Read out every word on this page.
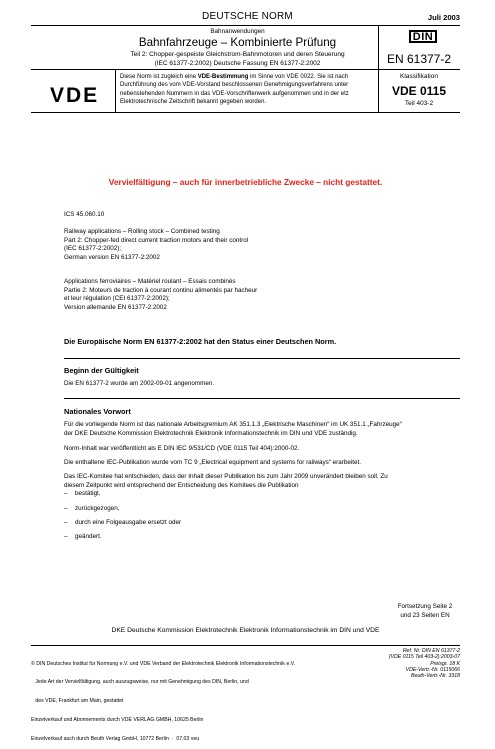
DEUTSCHE NORM	Juli 2003
Bahnanwendungen
Bahnfahrzeuge – Kombinierte Prüfung
Teil 2: Chopper-gespeiste Gleichstrom-Bahnmotoren und deren Steuerung
(IEC 61377-2:2002) Deutsche Fassung EN 61377-2:2002
DIN
EN 61377-2
VDE
Diese Norm ist zugleich eine VDE-Bestimmung im Sinne von VDE 0022. Sie ist nach Durchführung des vom VDE-Vorstand beschlossenen Genehmigungsverfahrens unter nebenstehenden Nummern in das VDE-Vorschriftenwerk aufgenommen und in der etz Elektrotechnische Zeitschrift bekannt gegeben worden.
Klassifikation
VDE 0115
Teil 403-2
Vervielfältigung – auch für innerbetriebliche Zwecke – nicht gestattet.
ICS 45.060.10
Railway applications – Rolling stock – Combined testing
Part 2: Chopper-fed direct current traction motors and their control
(IEC 61377-2:2002);
German version EN 61377-2:2002
Applications ferroviaires – Matériel roulant – Essais combinés
Partie 2: Moteurs de traction à courant continu alimentés par hacheur
et leur régulation (CEI 61377-2:2002);
Version allemande EN 61377-2:2002
Die Europäische Norm EN 61377-2:2002 hat den Status einer Deutschen Norm.
Beginn der Gültigkeit
Die EN 61377-2 wurde am 2002-09-01 angenommen.
Nationales Vorwort
Für die vorliegende Norm ist das nationale Arbeitsgremium AK 351.1.3 „Elektrische Maschinen“ im UK 351.1 „Fahrzeuge“
der DKE Deutsche Kommission Elektrotechnik Elektronik Informationstechnik im DIN und VDE zuständig.
Norm-Inhalt war veröffentlicht als E DIN IEC 9/531/CD (VDE 0115 Teil 404):2000-02.
Die enthaltene IEC-Publikation wurde vom TC 9 „Electrical equipment and systems for railways“ erarbeitet.
Das IEC-Komitee hat entschieden, dass der Inhalt dieser Publikation bis zum Jahr 2009 unverändert bleiben soll. Zu
diesem Zeitpunkt wird entsprechend der Entscheidung des Komitees die Publikation
– bestätigt,
– zurückgezogen,
– durch eine Folgeausgabe ersetzt oder
– geändert.
Fortsetzung Seite 2
und 23 Seiten EN
DKE Deutsche Kommission Elektrotechnik Elektronik Informationstechnik im DIN und VDE

© DIN Deutsches Institut für Normung e.V. und VDE Verband der Elektrotechnik Elektronik Informationstechnik e.V.

Jede Art der Vervielfältigung, auch auszugsweise, nur mit Genehmigung des DIN, Berlin, und

des VDE, Frankfurt am Main, gestattet

Einzelverkauf und Abonnements durch VDE VERLAG GMBH, 10625 Berlin

Einzelverkauf auch durch Beuth Verlag GmbH, 10772 Berlin  ·  07.03 veu

Ref. Nr. DIN EN 61377-2
(VDE 0115 Teil 403-2):2003-07
Preisgr. 18 K
VDE-Vertr.-Nr. 0115066
Beuth-Vertr.-Nr. 3318
